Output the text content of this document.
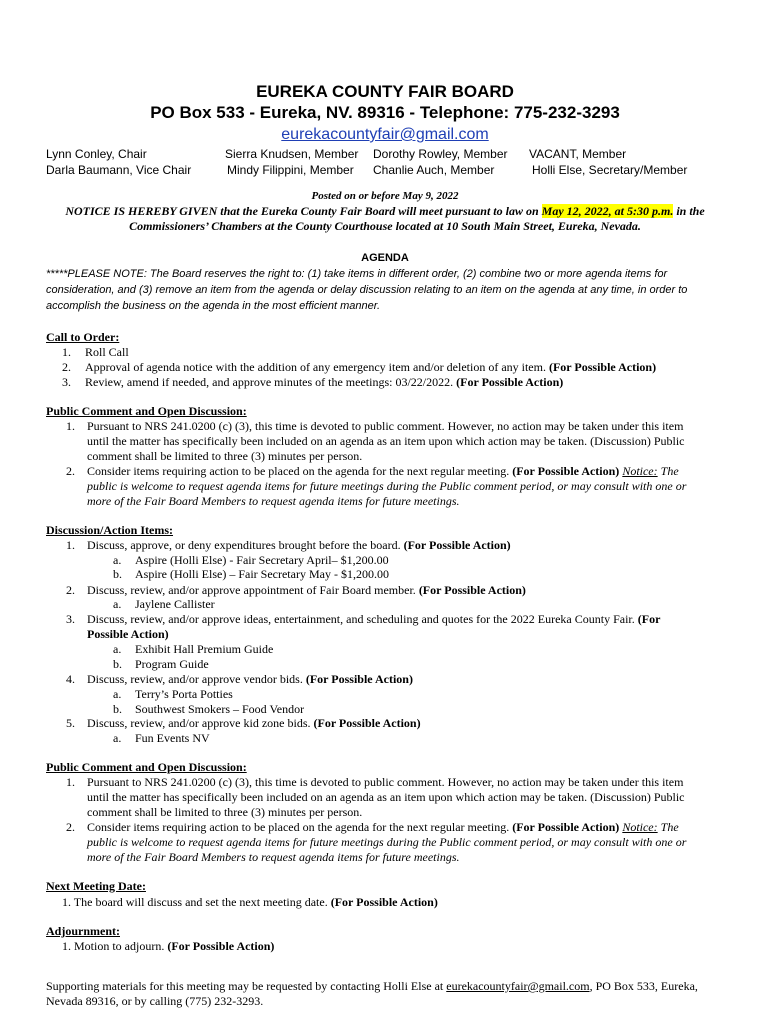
EUREKA COUNTY FAIR BOARD
PO Box 533 - Eureka, NV. 89316 - Telephone: 775-232-3293
eurekacountyfair@gmail.com
Lynn Conley, Chair
Darla Baumann, Vice Chair
Sierra Knudsen, Member
Mindy Filippini, Member
Dorothy Rowley, Member
Chanlie Auch, Member
VACANT, Member
Holli Else, Secretary/Member
Posted on or before May 9, 2022
NOTICE IS HEREBY GIVEN that the Eureka County Fair Board will meet pursuant to law on May 12, 2022, at 5:30 p.m. in the Commissioners’ Chambers at the County Courthouse located at 10 South Main Street, Eureka, Nevada.
AGENDA
*****PLEASE NOTE: The Board reserves the right to: (1) take items in different order, (2) combine two or more agenda items for consideration, and (3) remove an item from the agenda or delay discussion relating to an item on the agenda at any time, in order to accomplish the business on the agenda in the most efficient manner.
Call to Order:
1. Roll Call
2. Approval of agenda notice with the addition of any emergency item and/or deletion of any item. (For Possible Action)
3. Review, amend if needed, and approve minutes of the meetings: 03/22/2022. (For Possible Action)
Public Comment and Open Discussion:
1. Pursuant to NRS 241.0200 (c) (3), this time is devoted to public comment. However, no action may be taken under this item
until the matter has specifically been included on an agenda as an item upon which action may be taken. (Discussion) Public
comment shall be limited to three (3) minutes per person.
2. Consider items requiring action to be placed on the agenda for the next regular meeting. (For Possible Action) Notice: The
public is welcome to request agenda items for future meetings during the Public comment period, or may consult with one or
more of the Fair Board Members to request agenda items for future meetings.
Discussion/Action Items:
1. Discuss, approve, or deny expenditures brought before the board. (For Possible Action)
a. Aspire (Holli Else) - Fair Secretary April– $1,200.00
b. Aspire (Holli Else) – Fair Secretary May - $1,200.00
2. Discuss, review, and/or approve appointment of Fair Board member. (For Possible Action)
a. Jaylene Callister
3. Discuss, review, and/or approve ideas, entertainment, and scheduling and quotes for the 2022 Eureka County Fair. (For
Possible Action)
a. Exhibit Hall Premium Guide
b. Program Guide
4. Discuss, review, and/or approve vendor bids. (For Possible Action)
a. Terry’s Porta Potties
b. Southwest Smokers – Food Vendor
5. Discuss, review, and/or approve kid zone bids. (For Possible Action)
a. Fun Events NV
Public Comment and Open Discussion:
1. Pursuant to NRS 241.0200 (c) (3), this time is devoted to public comment. However, no action may be taken under this item
until the matter has specifically been included on an agenda as an item upon which action may be taken. (Discussion) Public
comment shall be limited to three (3) minutes per person.
2. Consider items requiring action to be placed on the agenda for the next regular meeting. (For Possible Action) Notice: The
public is welcome to request agenda items for future meetings during the Public comment period, or may consult with one or
more of the Fair Board Members to request agenda items for future meetings.
Next Meeting Date:
1. The board will discuss and set the next meeting date. (For Possible Action)
Adjournment:
1. Motion to adjourn. (For Possible Action)
Supporting materials for this meeting may be requested by contacting Holli Else at eurekacountyfair@gmail.com, PO Box 533, Eureka,
Nevada 89316, or by calling (775) 232-3293.
